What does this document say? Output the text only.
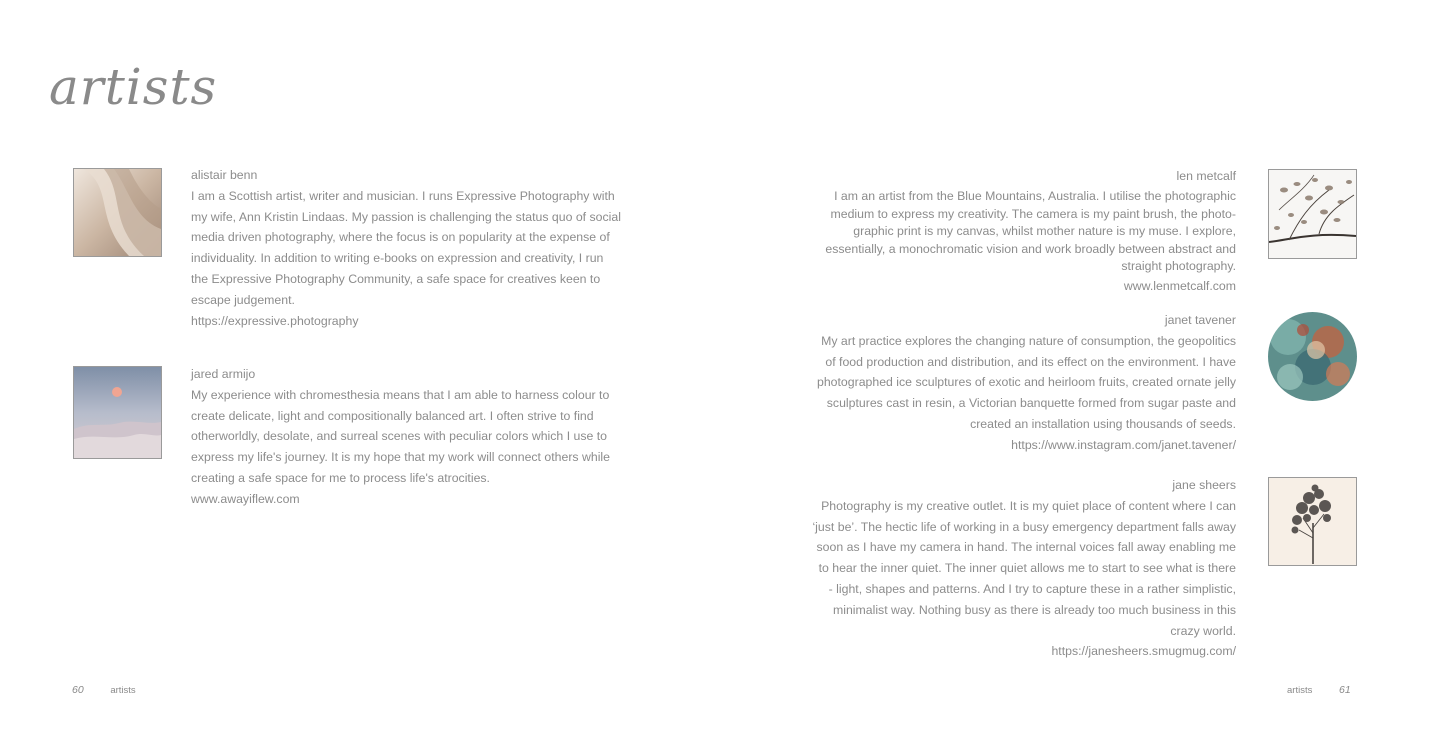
artists
alistair benn
I am a Scottish artist, writer and musician. I runs Expressive Photography with
my wife, Ann Kristin Lindaas. My passion is challenging the status quo of social
media driven photography, where the focus is on popularity at the expense of
individuality. In addition to writing e-books on expression and creativity, I run
the Expressive Photography Community, a safe space for creatives keen to
escape judgement.
https://expressive.photography
jared armijo
My experience with chromesthesia means that I am able to harness colour to
create delicate, light and compositionally balanced art. I often strive to find
otherworldly, desolate, and surreal scenes with peculiar colors which I use to
express my life's journey. It is my hope that my work will connect others while
creating a safe space for me to process life's atrocities.
www.awayiflew.com
len metcalf
I am an artist from the Blue Mountains, Australia. I utilise the photographic
medium to express my creativity. The camera is my paint brush, the photo-
graphic print is my canvas, whilst mother nature is my muse. I explore,
essentially, a monochromatic vision and work broadly between abstract and
straight photography.
www.lenmetcalf.com
janet tavener
My art practice explores the changing nature of consumption, the geopolitics
of food production and distribution, and its effect on the environment. I have
photographed ice sculptures of exotic and heirloom fruits, created ornate jelly
sculptures cast in resin, a Victorian banquette formed from sugar paste and
created an installation using thousands of seeds.
https://www.instagram.com/janet.tavener/
jane sheers
Photography is my creative outlet. It is my quiet place of content where I can
‘just be’. The hectic life of working in a busy emergency department falls away
soon as I have my camera in hand. The internal voices fall away enabling me
to hear the inner quiet. The inner quiet allows me to start to see what is there
- light, shapes and patterns. And I try to capture these in a rather simplistic,
minimalist way. Nothing busy as there is already too much business in this
crazy world.
https://janesheers.smugmug.com/
60	artists	artists	61
